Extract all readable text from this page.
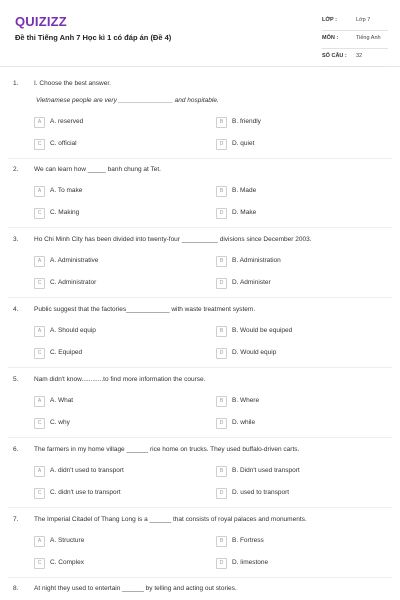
QUIZIZZ
Đề thi Tiếng Anh 7 Học kì 1 có đáp án (Đề 4)
LỚP :	Lớp 7
MÔN :	Tiếng Anh
SỐ CÂU : 32
1. I. Choose the best answer.
Vietnamese people are very _______________ and hospitable.
A	A. reserved	B	B. friendly
C	C. official	D	D. quiet
2. We can learn how _____ banh chung at Tet.
A	A. To make	B	B. Made
C	C. Making	D	D. Make
3. Ho Chi Minh City has been divided into twenty-four __________ divisions since December 2003.
A	A. Administrative	B	B. Administration
C	C. Administrator	D	D. Administer
4. Public suggest that the factories____________ with waste treatment system.
A	A. Should equip	B	B. Would be equiped
C	C. Equiped	D	D. Would equip
5. Nam didn't know............to find more information the course.
A	A. What	B	B. Where
C	C. why	D	D. while
6. The farmers in my home village ______ rice home on trucks. They used buffalo-driven carts.
A	A. didn't used to transport	B	B. Didn't used transport
C	C. didn't use to transport	D	D. used to transport
7. The Imperial Citadel of Thang Long is a ______ that consists of royal palaces and monuments.
A	A. Structure	B	B. Fortress
C	C. Complex	D	D. limestone
8. At night they used to entertain ______ by telling and acting out stories.
